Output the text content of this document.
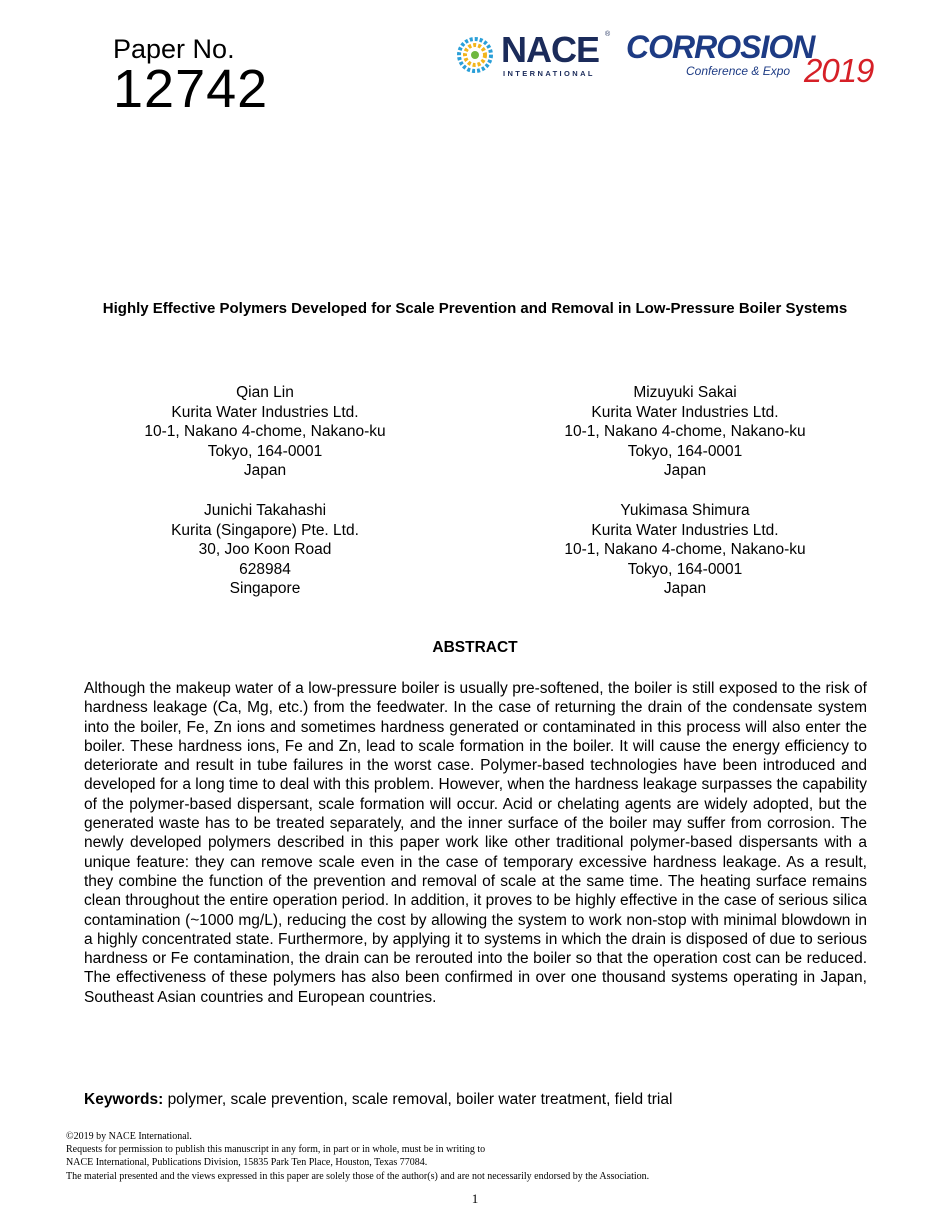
Paper No.
12742
NACE ®
INTERNATIONAL
CORROSION
Conference & Expo 2019
Highly Effective Polymers Developed for Scale Prevention and Removal in Low-Pressure Boiler Systems
Qian Lin
Kurita Water Industries Ltd.
10-1, Nakano 4-chome, Nakano-ku
Tokyo, 164-0001
Japan
Mizuyuki Sakai
Kurita Water Industries Ltd.
10-1, Nakano 4-chome, Nakano-ku
Tokyo, 164-0001
Japan
Junichi Takahashi
Kurita (Singapore) Pte. Ltd.
30, Joo Koon Road
628984
Singapore
Yukimasa Shimura
Kurita Water Industries Ltd.
10-1, Nakano 4-chome, Nakano-ku
Tokyo, 164-0001
Japan
ABSTRACT
Although the makeup water of a low-pressure boiler is usually pre-softened, the boiler is still exposed to the risk of hardness leakage (Ca, Mg, etc.) from the feedwater. In the case of returning the drain of the condensate system into the boiler, Fe, Zn ions and sometimes hardness generated or contaminated in this process will also enter the boiler. These hardness ions, Fe and Zn, lead to scale formation in the boiler. It will cause the energy efficiency to deteriorate and result in tube failures in the worst case. Polymer-based technologies have been introduced and developed for a long time to deal with this problem. However, when the hardness leakage surpasses the capability of the polymer-based dispersant, scale formation will occur. Acid or chelating agents are widely adopted, but the generated waste has to be treated separately, and the inner surface of the boiler may suffer from corrosion. The newly developed polymers described in this paper work like other traditional polymer-based dispersants with a unique feature: they can remove scale even in the case of temporary excessive hardness leakage. As a result, they combine the function of the prevention and removal of scale at the same time. The heating surface remains clean throughout the entire operation period. In addition, it proves to be highly effective in the case of serious silica contamination (~1000 mg/L), reducing the cost by allowing the system to work non-stop with minimal blowdown in a highly concentrated state. Furthermore, by applying it to systems in which the drain is disposed of due to serious hardness or Fe contamination, the drain can be rerouted into the boiler so that the operation cost can be reduced. The effectiveness of these polymers has also been confirmed in over one thousand systems operating in Japan, Southeast Asian countries and European countries.
Keywords: polymer, scale prevention, scale removal, boiler water treatment, field trial
©2019 by NACE International.
Requests for permission to publish this manuscript in any form, in part or in whole, must be in writing to
NACE International, Publications Division, 15835 Park Ten Place, Houston, Texas 77084.
The material presented and the views expressed in this paper are solely those of the author(s) and are not necessarily endorsed by the Association.
1
